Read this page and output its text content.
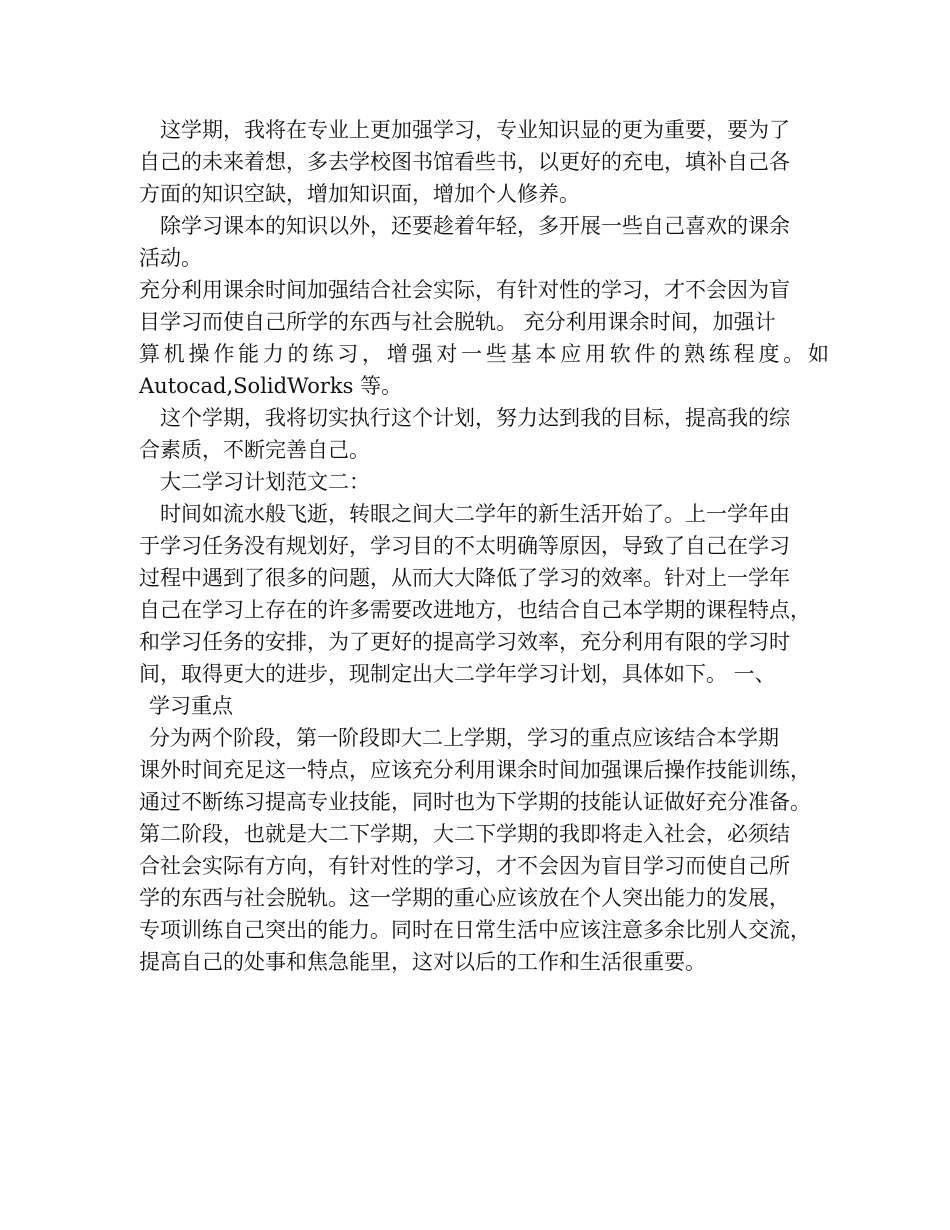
这学期，我将在专业上更加强学习，专业知识显的更为重要，要为了
自己的未来着想，多去学校图书馆看些书，以更好的充电，填补自己各
方面的知识空缺，增加知识面，增加个人修养。
除学习课本的知识以外，还要趁着年轻，多开展一些自己喜欢的课余
活动。
充分利用课余时间加强结合社会实际，有针对性的学习，才不会因为盲
目学习而使自己所学的东西与社会脱轨。 充分利用课余时间，加强计
算机操作能力的练习，增强对一些基本应用软件的熟练程度。如
Autocad,SolidWorks 等。
这个学期，我将切实执行这个计划，努力达到我的目标，提高我的综
合素质，不断完善自己。
大二学习计划范文二：
时间如流水般飞逝，转眼之间大二学年的新生活开始了。上一学年由
于学习任务没有规划好，学习目的不太明确等原因，导致了自己在学习
过程中遇到了很多的问题，从而大大降低了学习的效率。针对上一学年
自己在学习上存在的许多需要改进地方，也结合自己本学期的课程特点，
和学习任务的安排，为了更好的提高学习效率，充分利用有限的学习时
间，取得更大的进步，现制定出大二学年学习计划，具体如下。 一、
学习重点
分为两个阶段，第一阶段即大二上学期，学习的重点应该结合本学期
课外时间充足这一特点，应该充分利用课余时间加强课后操作技能训练，
通过不断练习提高专业技能，同时也为下学期的技能认证做好充分准备。
第二阶段，也就是大二下学期，大二下学期的我即将走入社会，必须结
合社会实际有方向，有针对性的学习，才不会因为盲目学习而使自己所
学的东西与社会脱轨。这一学期的重心应该放在个人突出能力的发展，
专项训练自己突出的能力。同时在日常生活中应该注意多余比别人交流，
提高自己的处事和焦急能里，这对以后的工作和生活很重要。
